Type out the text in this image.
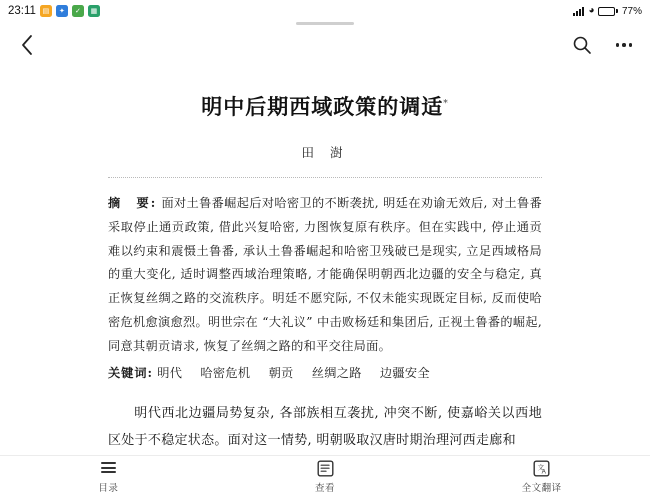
23:11 ▤	✦	✓	▦	◕	77%
明中后期西域政策的调适*
田 澍
摘　要: 面对土鲁番崛起后对哈密卫的不断袭扰, 明廷在劝谕无效后, 对土鲁番采取停止通贡政策, 借此兴复哈密, 力图恢复原有秩序。但在实践中, 停止通贡难以约束和震慑土鲁番, 承认土鲁番崛起和哈密卫残破已是现实, 立足西域格局的重大变化, 适时调整西域治理策略, 才能确保明朝西北边疆的安全与稳定, 真正恢复丝绸之路的交流秩序。明廷不愿究际, 不仅未能实现既定目标, 反而使哈密危机愈演愈烈。明世宗在 “大礼议” 中击败杨廷和集团后, 正视土鲁番的崛起, 同意其朝贡请求, 恢复了丝绸之路的和平交往局面。
关键词: 明代 哈密危机 朝贡 丝绸之路 边疆安全
明代西北边疆局势复杂, 各部族相互袭扰, 冲突不断, 使嘉峪关以西地区处于不稳定状态。面对这一情势, 明朝吸取汉唐时期治理河西走廊和
目录	查看
文
A
全文翻译
